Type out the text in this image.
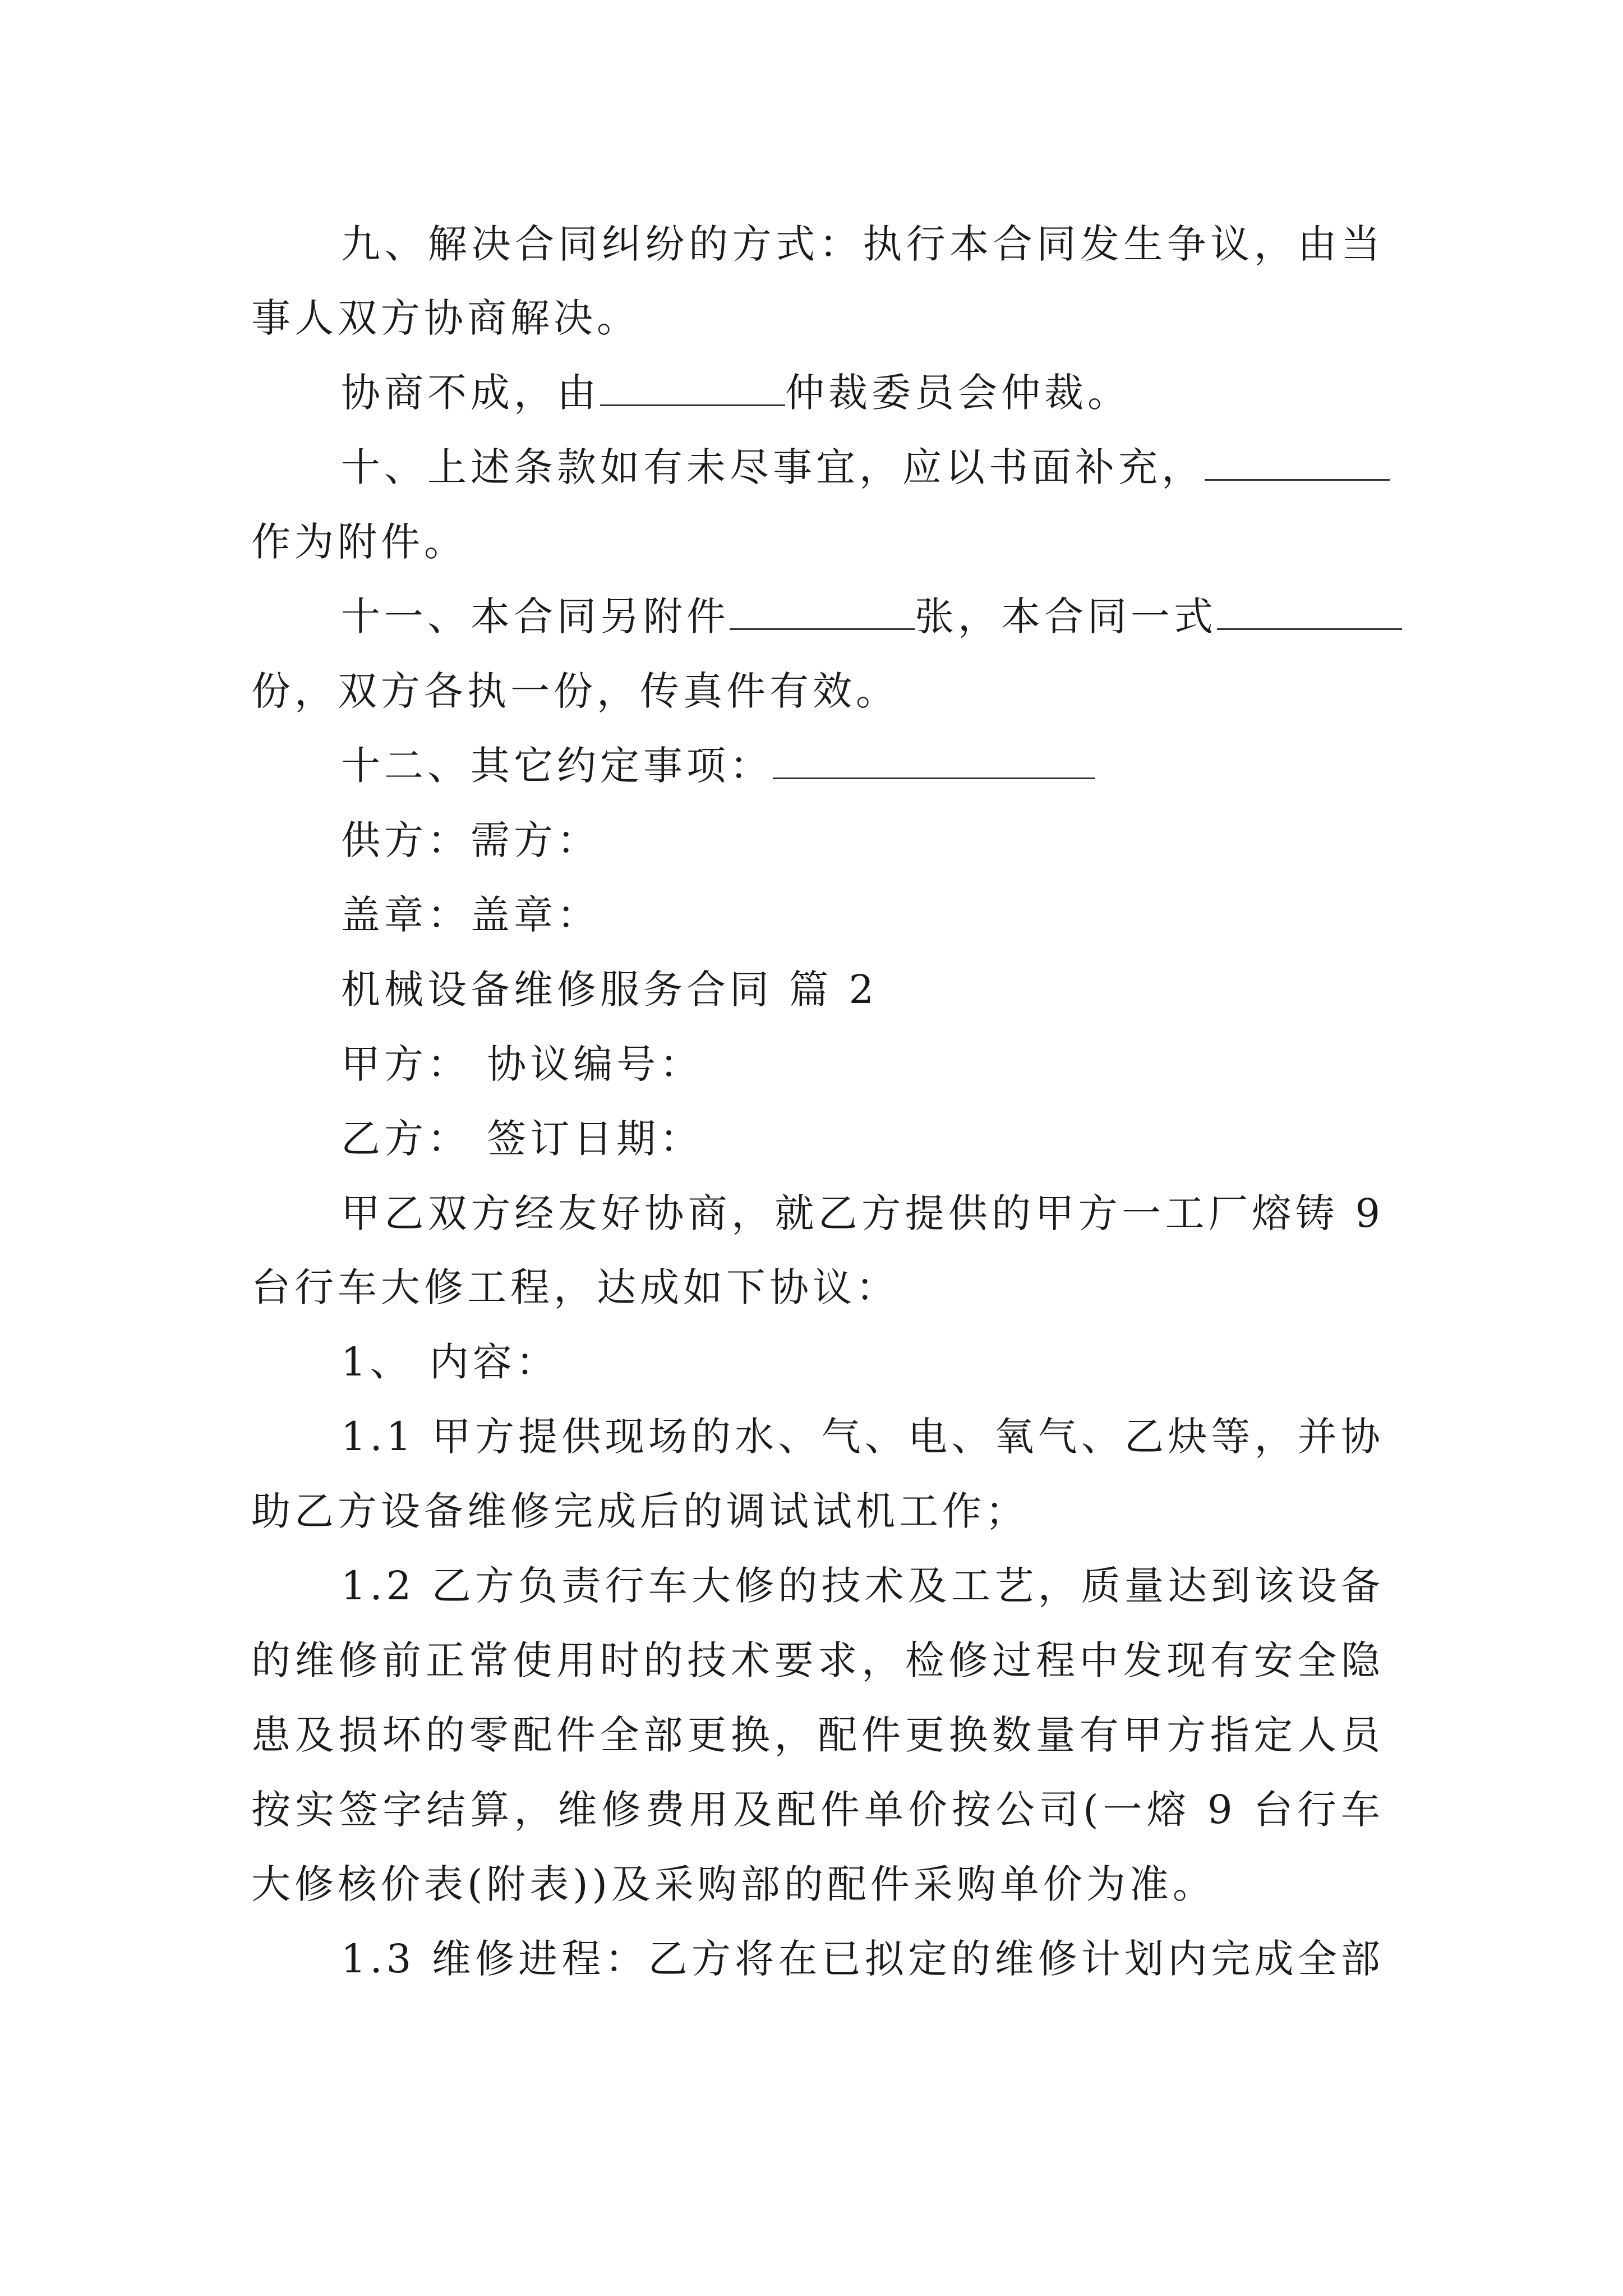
九、解决合同纠纷的方式：执行本合同发生争议，由当
事人双方协商解决。
协商不成，由	仲裁委员会仲裁。
十、上述条款如有未尽事宜，应以书面补充，
作为附件。
十一、本合同另附件	张，本合同一式
份，双方各执一份，传真件有效。
十二、其它约定事项：
供方：需方：
盖章：盖章：
机械设备维修服务合同 篇 2
甲方： 协议编号：
乙方： 签订日期：
甲乙双方经友好协商，就乙方提供的甲方一工厂熔铸 9
台行车大修工程，达成如下协议：
1、 内容：
1.1 甲方提供现场的水、气、电、氧气、乙炔等，并协
助乙方设备维修完成后的调试试机工作；
1.2 乙方负责行车大修的技术及工艺，质量达到该设备
的维修前正常使用时的技术要求，检修过程中发现有安全隐
患及损坏的零配件全部更换，配件更换数量有甲方指定人员
按实签字结算，维修费用及配件单价按公司(一熔 9 台行车
大修核价表(附表))及采购部的配件采购单价为准。
1.3 维修进程：乙方将在已拟定的维修计划内完成全部
